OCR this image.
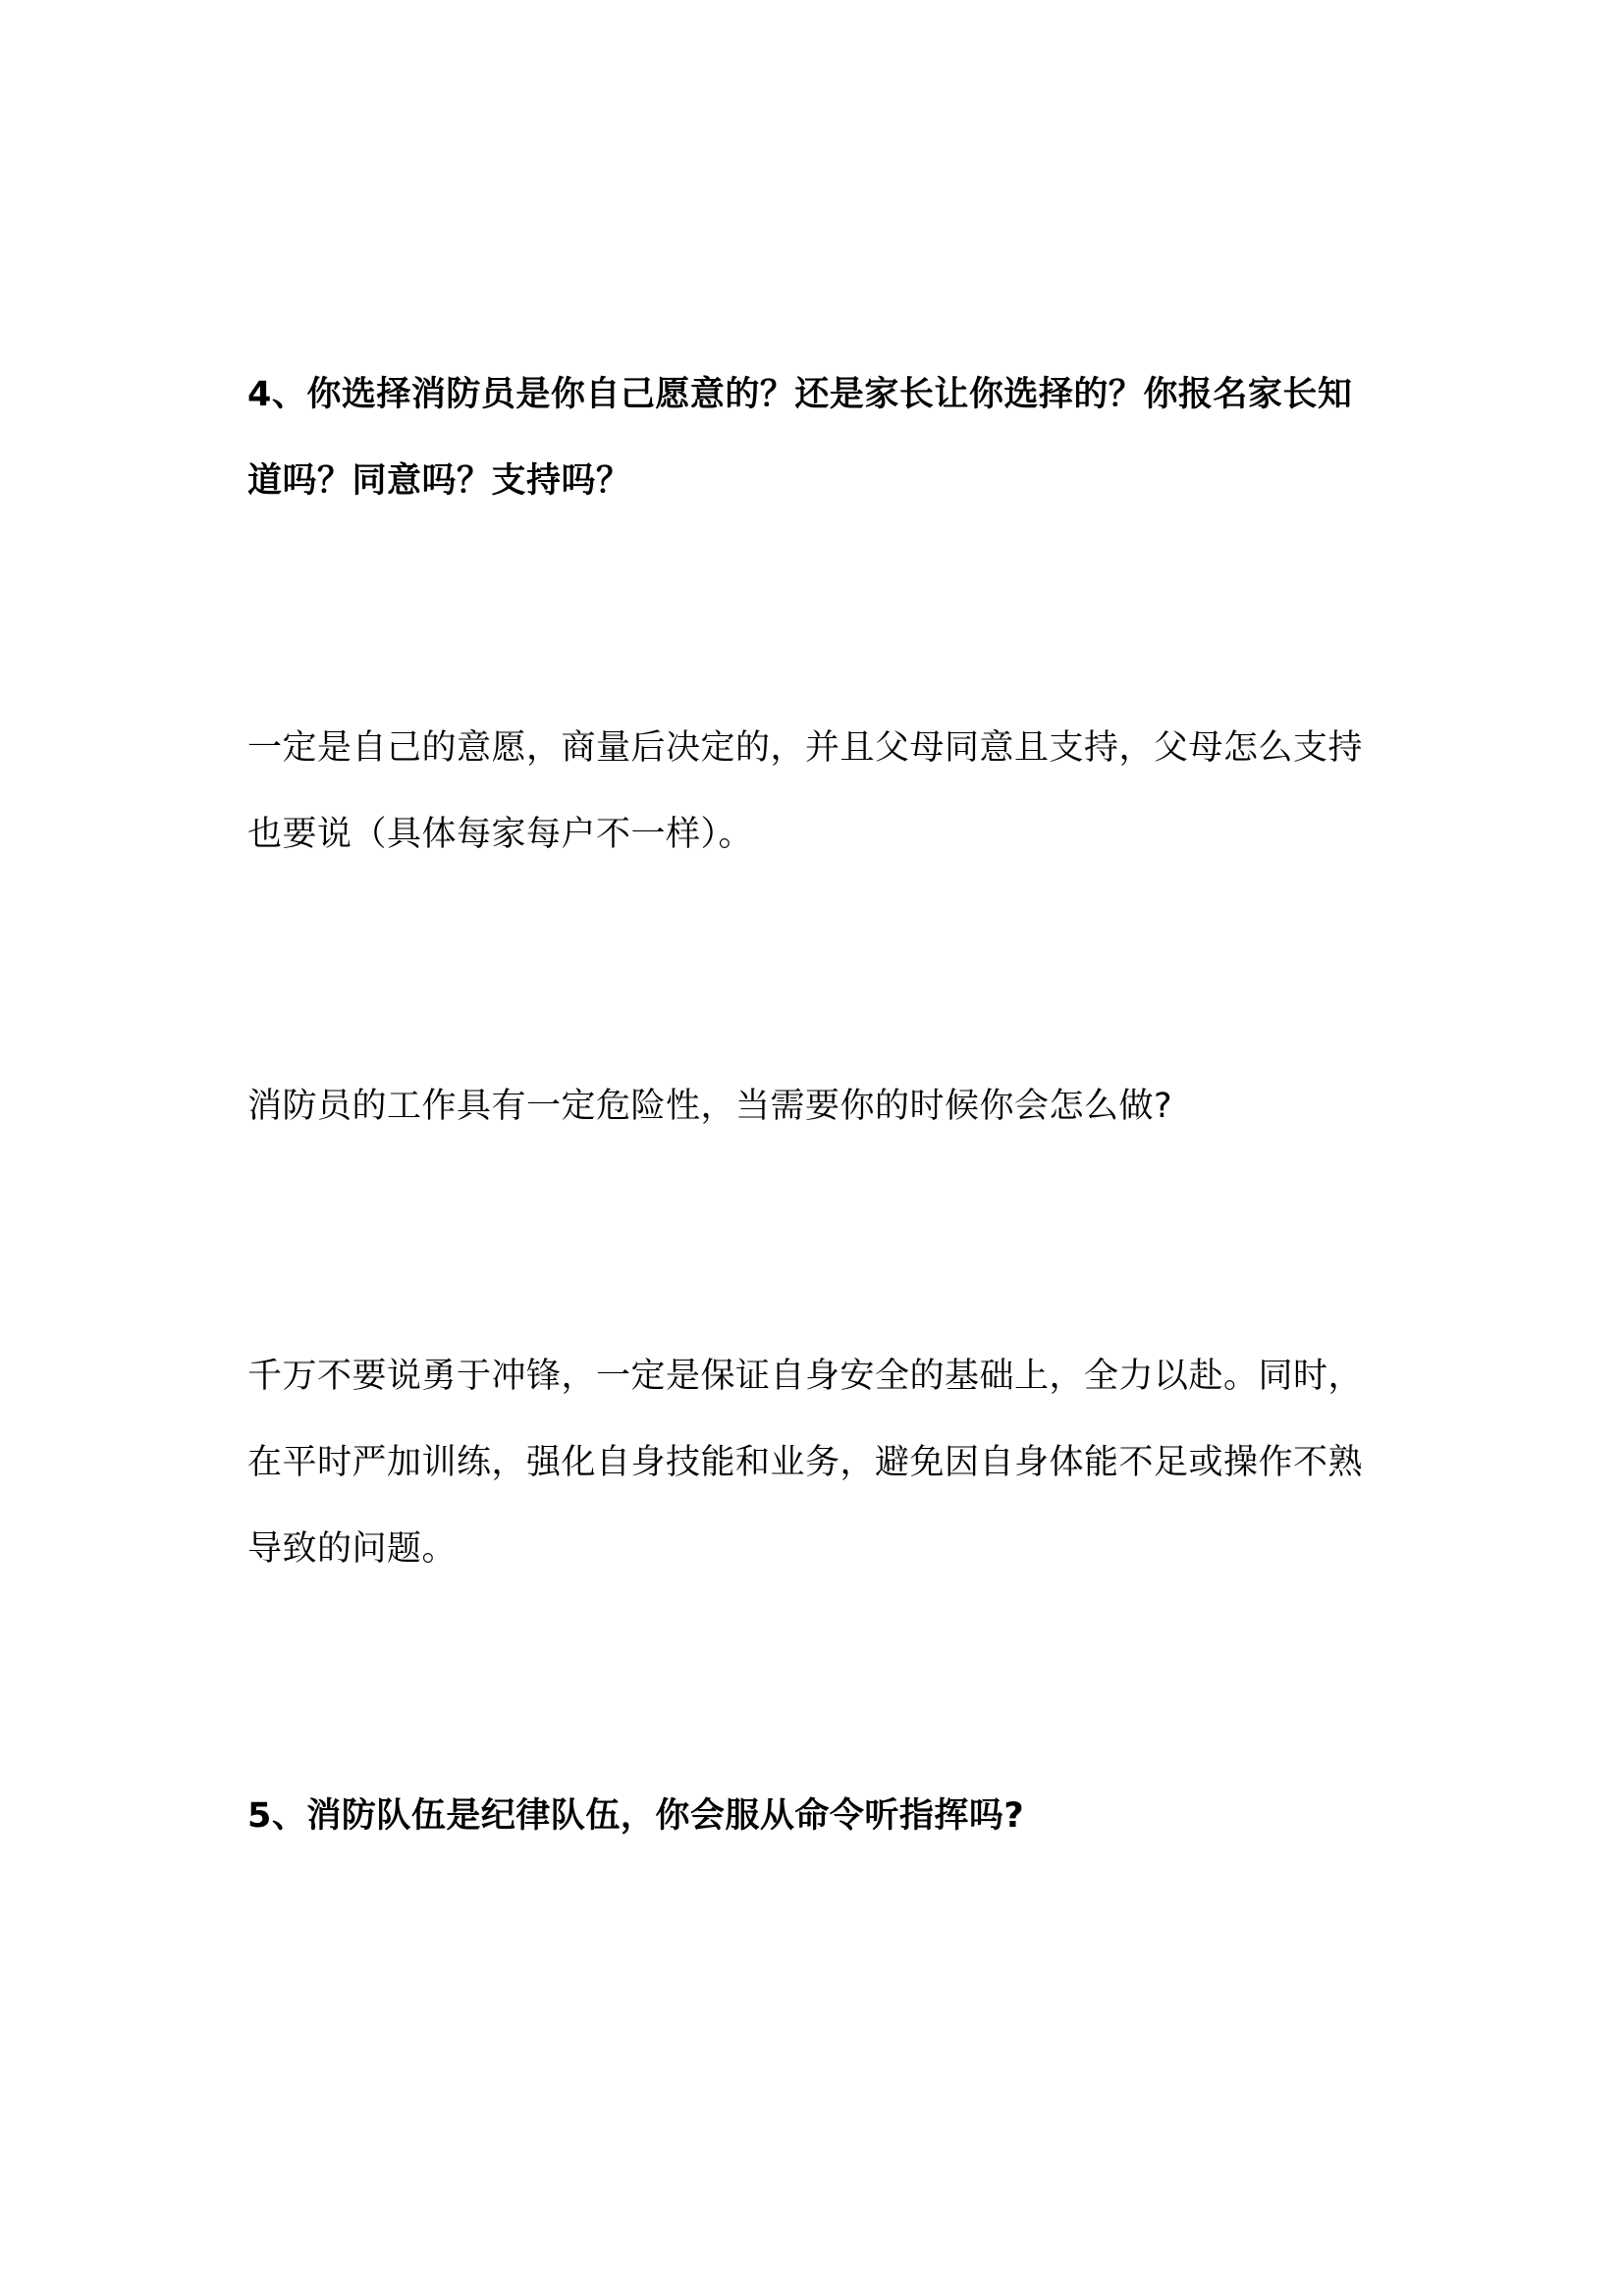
4、你选择消防员是你自己愿意的？还是家长让你选择的？你报名家长知
道吗？同意吗？支持吗？

一定是自己的意愿，商量后决定的，并且父母同意且支持，父母怎么支持
也要说（具体每家每户不一样）。

消防员的工作具有一定危险性，当需要你的时候你会怎么做?

千万不要说勇于冲锋，一定是保证自身安全的基础上，全力以赴。同时，
在平时严加训练，强化自身技能和业务，避免因自身体能不足或操作不熟
导致的问题。

5、消防队伍是纪律队伍，你会服从命令听指挥吗?
